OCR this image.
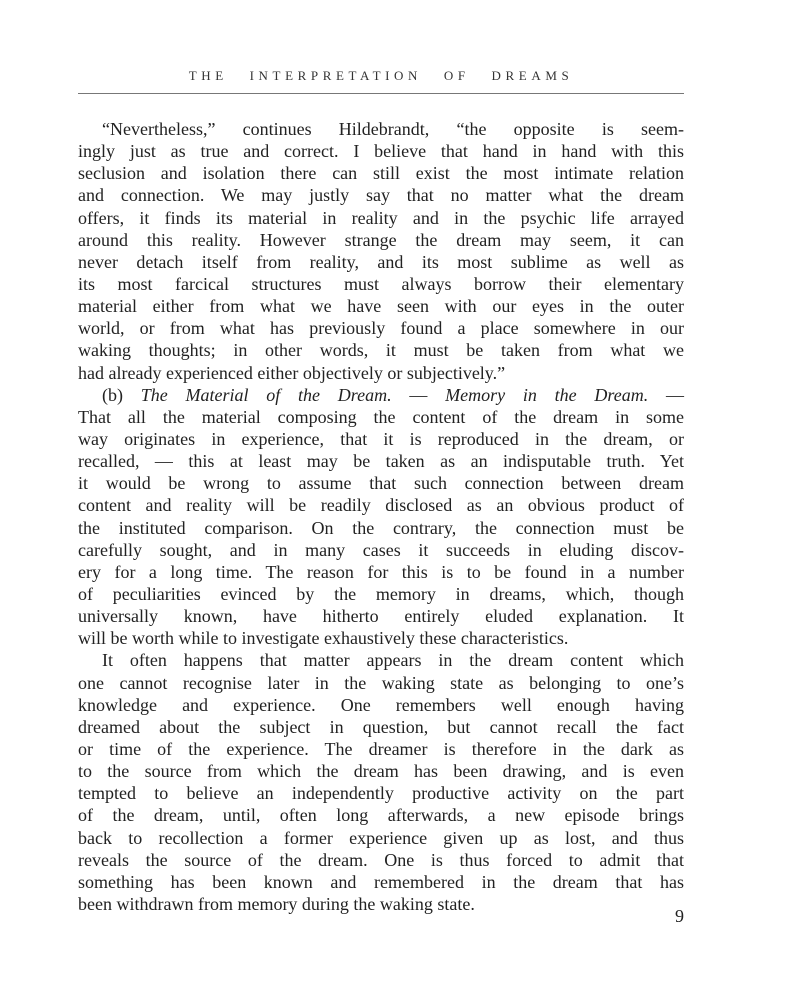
THE INTERPRETATION OF DREAMS
“Nevertheless,” continues Hildebrandt, “the opposite is seem-
ingly just as true and correct. I believe that hand in hand with this
seclusion and isolation there can still exist the most intimate relation
and connection. We may justly say that no matter what the dream
offers, it finds its material in reality and in the psychic life arrayed
around this reality. However strange the dream may seem, it can
never detach itself from reality, and its most sublime as well as
its most farcical structures must always borrow their elementary
material either from what we have seen with our eyes in the outer
world, or from what has previously found a place somewhere in our
waking thoughts; in other words, it must be taken from what we
had already experienced either objectively or subjectively.”
(b) The Material of the Dream. — Memory in the Dream. —
That all the material composing the content of the dream in some
way originates in experience, that it is reproduced in the dream, or
recalled, — this at least may be taken as an indisputable truth. Yet
it would be wrong to assume that such connection between dream
content and reality will be readily disclosed as an obvious product of
the instituted comparison. On the contrary, the connection must be
carefully sought, and in many cases it succeeds in eluding discov-
ery for a long time. The reason for this is to be found in a number
of peculiarities evinced by the memory in dreams, which, though
universally known, have hitherto entirely eluded explanation. It
will be worth while to investigate exhaustively these characteristics.
It often happens that matter appears in the dream content which
one cannot recognise later in the waking state as belonging to one’s
knowledge and experience. One remembers well enough having
dreamed about the subject in question, but cannot recall the fact
or time of the experience. The dreamer is therefore in the dark as
to the source from which the dream has been drawing, and is even
tempted to believe an independently productive activity on the part
of the dream, until, often long afterwards, a new episode brings
back to recollection a former experience given up as lost, and thus
reveals the source of the dream. One is thus forced to admit that
something has been known and remembered in the dream that has
been withdrawn from memory during the waking state.
9
